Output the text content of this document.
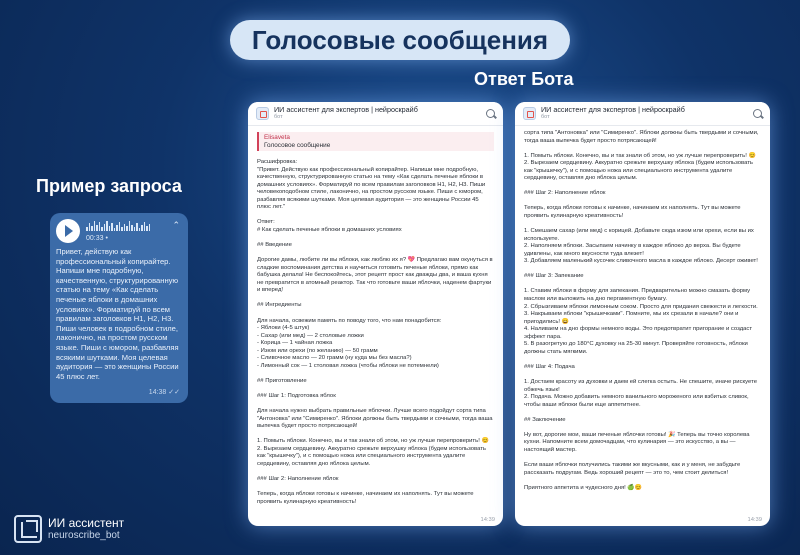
Голосовые сообщения
Ответ Бота
Пример запроса
00:33 •
⌃
Привет, действую как профессиональный копирайтер. Напиши мне подробную, качественную, структурированную статью на тему «Как сделать печеные яблоки в домашних условиях». Форматируй по всем правилам заголовков H1, H2, H3. Пиши человек в подробном стиле, лаконично, на простом русском языке. Пиши с юмором, разбавляя всякими шутками. Моя целевая аудитория — это женщины России 45 плюс лет.
14:38 ✓✓
ИИ ассистент для экспертов | нейроскрайб
бот
Elisaveta
Голосовое сообщение

Расшифровка:
"Привет. Действую как профессиональный копирайтер. Напиши мне подробную, качественную, структурированную статью на тему «Как сделать печеные яблоки в домашних условиях». Форматируй по всем правилам заголовков H1, H2, H3. Пиши человекоподобном стиле, лаконично, на простом русском языке. Пиши с юмором, разбавляя всякими шутками. Моя целевая аудитория — это женщины России 45 плюс лет."

Ответ:
# Как сделать печеные яблоки в домашних условиях

## Введение

Дорогие дамы, любите ли вы яблоки, как люблю их я? 💖 Предлагаю вам окунуться в сладкие воспоминания детства и научиться готовить печеные яблоки, прямо как бабушка делала! Не беспокойтесь, этот рецепт прост как дважды два, и ваша кухня не превратится в атомный реактор. Так что готовьте ваши яблочки, наденем фартуки и вперед!

## Ингредиенты

Для начала, освежим память по поводу того, что нам понадобится:
- Яблоки (4-5 штук)
- Сахар (или мед) — 2 столовые ложки
- Корица — 1 чайная ложка
- Изюм или орехи (по желанию) — 50 грамм
- Сливочное масло — 20 грамм (ну куда мы без масла?)
- Лимонный сок — 1 столовая ложка (чтобы яблоки не потемнели)

## Приготовление

### Шаг 1: Подготовка яблок

Для начала нужно выбрать правильные яблочки. Лучше всего подойдут сорта типа "Антоновка" или "Симиренко". Яблоки должны быть твердыми и сочными, тогда ваша выпечка будет просто потрясающей!

1. Помыть яблоки. Конечно, вы и так знали об этом, но уж лучше перепроверить! 😊
2. Вырезаем сердцевину. Аккуратно срежьте верхушку яблока (будем использовать как "крышечку"), и с помощью ножа или специального инструмента удалите сердцевину, оставляя дно яблока целым.

### Шаг 2: Наполнение яблок

Теперь, когда яблоки готовы к начинке, начинаем их наполнять. Тут вы можете проявить кулинарную креативность!

14:39
ИИ ассистент для экспертов | нейроскрайб
бот

сорта типа "Антоновка" или "Симиренко". Яблоки должны быть твердыми и сочными, тогда ваша выпечка будет просто потрясающей!

1. Помыть яблоки. Конечно, вы и так знали об этом, но уж лучше перепроверить! 😊
2. Вырезаем сердцевину. Аккуратно срежьте верхушку яблока (будем использовать как "крышечку"), и с помощью ножа или специального инструмента удалите сердцевину, оставляя дно яблока целым.

### Шаг 2: Наполнение яблок

Теперь, когда яблоки готовы к начинке, начинаем их наполнять. Тут вы можете проявить кулинарную креативность!

1. Смешаем сахар (или мед) с корицей. Добавьте сюда изюм или орехи, если вы их используете.
2. Наполняем яблоки. Засыпаем начинку в каждое яблоко до верха. Вы будете удивлены, как много вкусности туда влезет!
3. Добавляем маленький кусочек сливочного масла в каждое яблоко. Десерт оживет!

### Шаг 3: Запекание

1. Ставим яблоки в форму для запекания. Предварительно можно смазать форму маслом или выложить на дно пергаментную бумагу.
2. Сбрызгиваем яблоки лимонным соком. Просто для придания свежести и легкости.
3. Накрываем яблоки "крышечками". Помните, мы их срезали в начале? они и пригодились! 😄
4. Наливаем на дно формы немного воды. Это предотвратит пригорание и создаст эффект пара.
5. В разогретую до 180°C духовку на 25-30 минут. Проверяйте готовность, яблоки должны стать мягкими.

### Шаг 4: Подача

1. Достаем красоту из духовки и даем ей слегка остыть. Не спешите, иначе рискуете обжечь язык!
2. Подача. Можно добавить немного ванильного мороженого или взбитых сливок, чтобы ваши яблоки были еще аппетитнее.

## Заключение

Ну вот, дорогие мои, ваши печеные яблочки готовы! 🎉 Теперь вы точно королева кухни. Напомните всем домочадцам, что кулинария — это искусство, а вы — настоящий мастер.

Если ваши яблочки получились такими же вкусными, как и у меня, не забудьте рассказать подругам. Ведь хороший рецепт — это то, чем стоит делиться!

Приятного аппетита и чудесного дня! 🍏😊

14:39
ИИ ассистент
neuroscribe_bot
